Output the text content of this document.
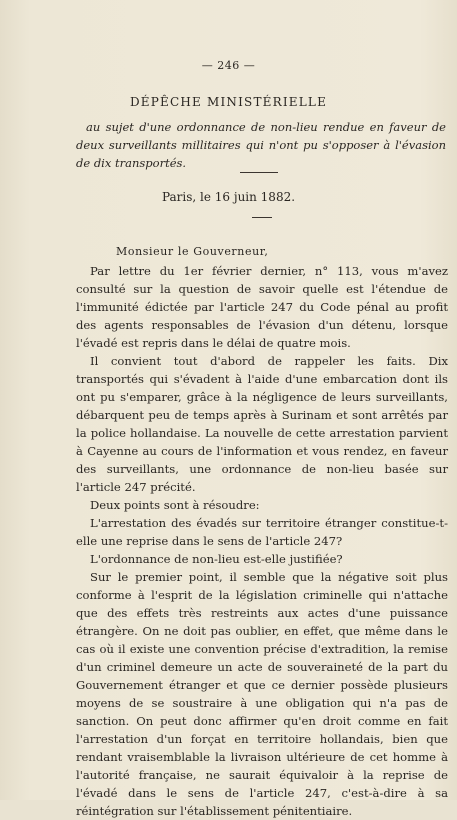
— 246 —
DÉPÊCHE MINISTÉRIELLE
au sujet d'une ordonnance de non-lieu rendue en faveur de deux surveillants millitaires qui n'ont pu s'opposer à l'évasion de dix transportés.
Paris, le 16 juin 1882.
Monsieur le Gouverneur,

Par lettre du 1er février dernier, n° 113, vous m'avez consulté sur la question de savoir quelle est l'étendue de l'immunité édictée par l'article 247 du Code pénal au profit des agents responsables de l'évasion d'un détenu, lorsque l'évadé est repris dans le délai de quatre mois.

Il convient tout d'abord de rappeler les faits. Dix transportés qui s'évadent à l'aide d'une embarcation dont ils ont pu s'emparer, grâce à la négligence de leurs surveillants, débarquent peu de temps après à Surinam et sont arrêtés par la police hollandaise. La nouvelle de cette arrestation parvient à Cayenne au cours de l'information et vous rendez, en faveur des surveillants, une ordonnance de non-lieu basée sur l'article 247 précité.

Deux points sont à résoudre:

L'arrestation des évadés sur territoire étranger constitue-t-elle une reprise dans le sens de l'article 247?

L'ordonnance de non-lieu est-elle justifiée?

Sur le premier point, il semble que la négative soit plus conforme à l'esprit de la législation criminelle qui n'attache que des effets très restreints aux actes d'une puissance étrangère. On ne doit pas oublier, en effet, que même dans le cas où il existe une convention précise d'extradition, la remise d'un criminel demeure un acte de souveraineté de la part du Gouvernement étranger et que ce dernier possède plusieurs moyens de se soustraire à une obligation qui n'a pas de sanction. On peut donc affirmer qu'en droit comme en fait l'arrestation d'un forçat en territoire hollandais, bien que rendant vraisemblable la livraison ultérieure de cet homme à l'autorité française, ne saurait équivaloir à la reprise de l'évadé dans le sens de l'article 247, c'est-à-dire à sa réintégration sur l'établissement pénitentiaire.
